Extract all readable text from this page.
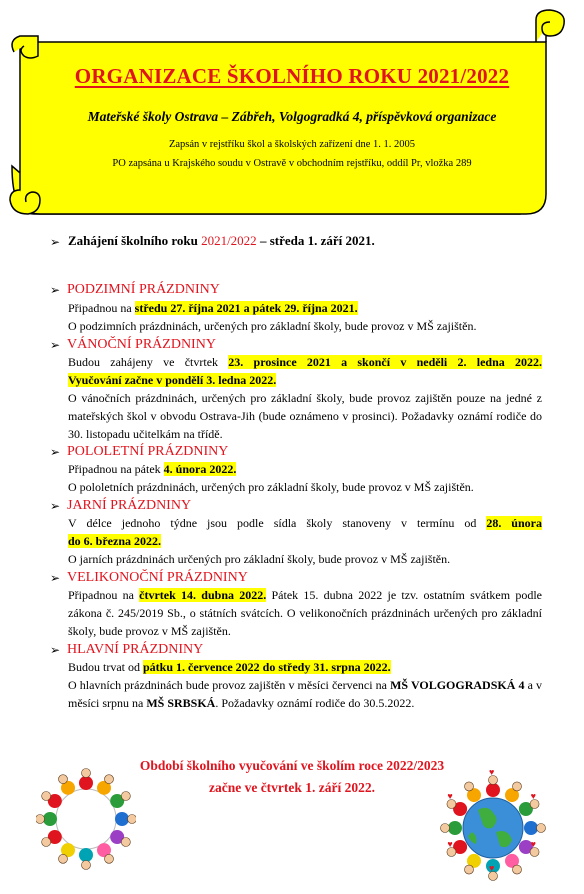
ORGANIZACE ŠKOLNÍHO ROKU 2021/2022
Mateřské školy Ostrava – Zábřeh, Volgogradká 4, příspěvková organizace
Zapsán v rejstříku škol a školských zařízení dne 1. 1. 2005
PO zapsána u Krajského soudu v Ostravě v obchodním rejstříku, oddíl Pr, vložka 289
➢ Zahájení školního roku 2021/2022 – středa 1. září 2021.
➢ PODZIMNÍ PRÁZDNINY
Připadnou na středu 27. října 2021 a pátek 29. října 2021.
O podzimních prázdninách, určených pro základní školy, bude provoz v MŠ zajištěn.
➢ VÁNOČNÍ PRÁZDNINY
Budou zahájeny ve čtvrtek 23. prosince 2021 a skončí v neděli 2. ledna 2022.
Vyučování začne v pondělí 3. ledna 2022.
O vánočních prázdninách, určených pro základní školy, bude provoz zajištěn pouze na jedné z mateřských škol v obvodu Ostrava-Jih (bude oznámeno v prosinci). Požadavky oznámí rodiče do 30. listopadu učitelkám na třídě.
➢ POLOLETNÍ PRÁZDNINY
Připadnou na pátek 4. února 2022.
O pololetních prázdninách, určených pro základní školy, bude provoz v MŠ zajištěn.
➢ JARNÍ PRÁZDNINY
V délce jednoho týdne jsou podle sídla školy stanoveny v termínu od 28. února
do 6. března 2022.
O jarních prázdninách určených pro základní školy, bude provoz v MŠ zajištěn.
➢ VELIKONOČNÍ PRÁZDNINY
Připadnou na čtvrtek 14. dubna 2022. Pátek 15. dubna 2022 je tzv. ostatním svátkem podle zákona č. 245/2019 Sb., o státních svátcích. O velikonočních prázdninách určených pro základní školy, bude provoz v MŠ zajištěn.
➢ HLAVNÍ PRÁZDNINY
Budou trvat od pátku 1. července 2022 do středy 31. srpna 2022.
O hlavních prázdninách bude provoz zajištěn v měsíci červenci na MŠ VOLGOGRADSKÁ 4 a v měsíci srpnu na MŠ SRBSKÁ. Požadavky oznámí rodiče do 30.5.2022.
Období školního vyučování ve školím roce 2022/2023
začne ve čtvrtek 1. září 2022.
♥
♥
♥
♥
♥
♥
